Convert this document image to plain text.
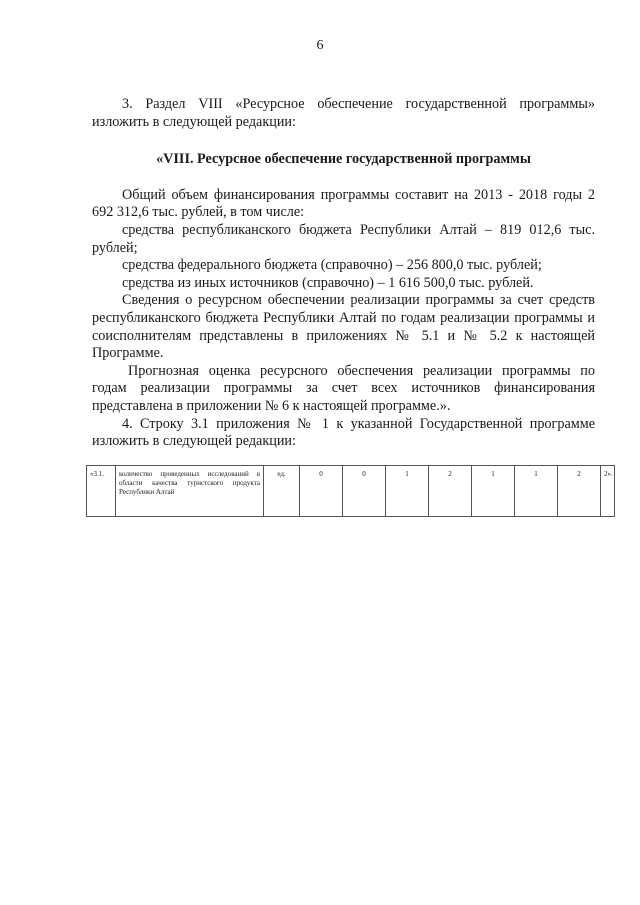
6

3. Раздел VIII «Ресурсное обеспечение государственной программы» изложить в следующей редакции:

«VIII. Ресурсное обеспечение государственной программы

Общий объем финансирования программы составит на 2013 - 2018 годы 2 692 312,6 тыс. рублей, в том числе:

средства республиканского бюджета Республики Алтай – 819 012,6 тыс. рублей;

средства федерального бюджета (справочно) – 256 800,0 тыс. рублей;

средства из иных источников (справочно) – 1 616 500,0 тыс. рублей.

Сведения о ресурсном обеспечении реализации программы за счет средств республиканского бюджета Республики Алтай по годам реализации программы и соисполнителям представлены в приложениях № 5.1 и № 5.2 к настоящей Программе.

Прогнозная оценка ресурсного обеспечения реализации программы по годам реализации программы за счет всех источников финансирования представлена в приложении № 6 к настоящей программе.».

4. Строку 3.1 приложения № 1 к указанной Государственной программе изложить в следующей редакции:

«3.1.	количество проведенных исследований в области качества туристского продукта Республики Алтай	ед.	0	0	1	2	1	1	2	2».
